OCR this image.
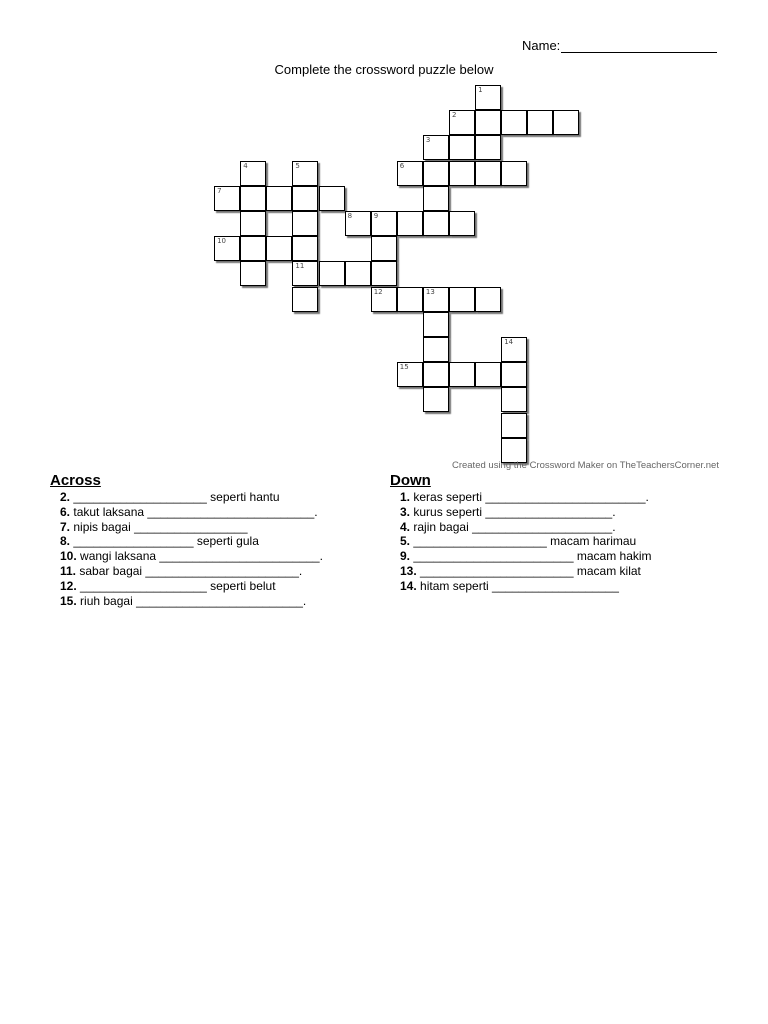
Name:
Complete the crossword puzzle below
1
2
3
4	5	6
7
8	9
10
11
12	13
14
15
Created using the Crossword Maker on TheTeachersCorner.net
Across
2. ____________________ seperti hantu
6. takut laksana _________________________.
7. nipis bagai _________________
8. __________________ seperti gula
10. wangi laksana ________________________.
11. sabar bagai _______________________.
12. ___________________ seperti belut
15. riuh bagai _________________________.
Down
1. keras seperti ________________________.
3. kurus seperti ___________________.
4. rajin bagai _____________________.
5. ____________________ macam harimau
9. ________________________ macam hakim
13. _______________________ macam kilat
14. hitam seperti ___________________
